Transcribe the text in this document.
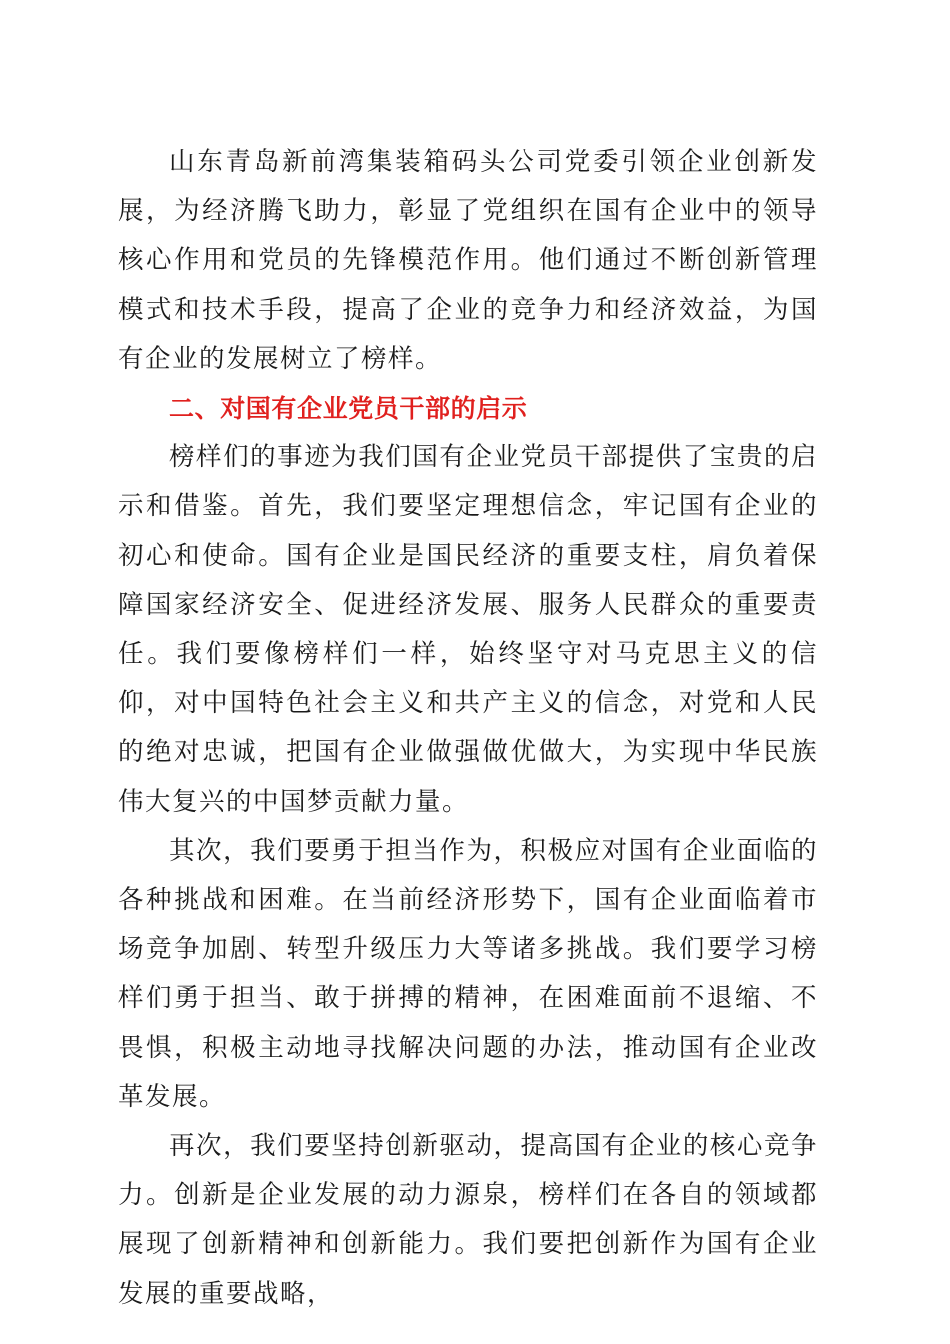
山东青岛新前湾集装箱码头公司党委引领企业创新发展，为经济腾飞助力，彰显了党组织在国有企业中的领导核心作用和党员的先锋模范作用。他们通过不断创新管理模式和技术手段，提高了企业的竞争力和经济效益，为国有企业的发展树立了榜样。

二、对国有企业党员干部的启示

榜样们的事迹为我们国有企业党员干部提供了宝贵的启示和借鉴。首先，我们要坚定理想信念，牢记国有企业的初心和使命。国有企业是国民经济的重要支柱，肩负着保障国家经济安全、促进经济发展、服务人民群众的重要责任。我们要像榜样们一样，始终坚守对马克思主义的信仰，对中国特色社会主义和共产主义的信念，对党和人民的绝对忠诚，把国有企业做强做优做大，为实现中华民族伟大复兴的中国梦贡献力量。

其次，我们要勇于担当作为，积极应对国有企业面临的各种挑战和困难。在当前经济形势下，国有企业面临着市场竞争加剧、转型升级压力大等诸多挑战。我们要学习榜样们勇于担当、敢于拼搏的精神，在困难面前不退缩、不畏惧，积极主动地寻找解决问题的办法，推动国有企业改革发展。

再次，我们要坚持创新驱动，提高国有企业的核心竞争力。创新是企业发展的动力源泉，榜样们在各自的领域都展现了创新精神和创新能力。我们要把创新作为国有企业发展的重要战略，
